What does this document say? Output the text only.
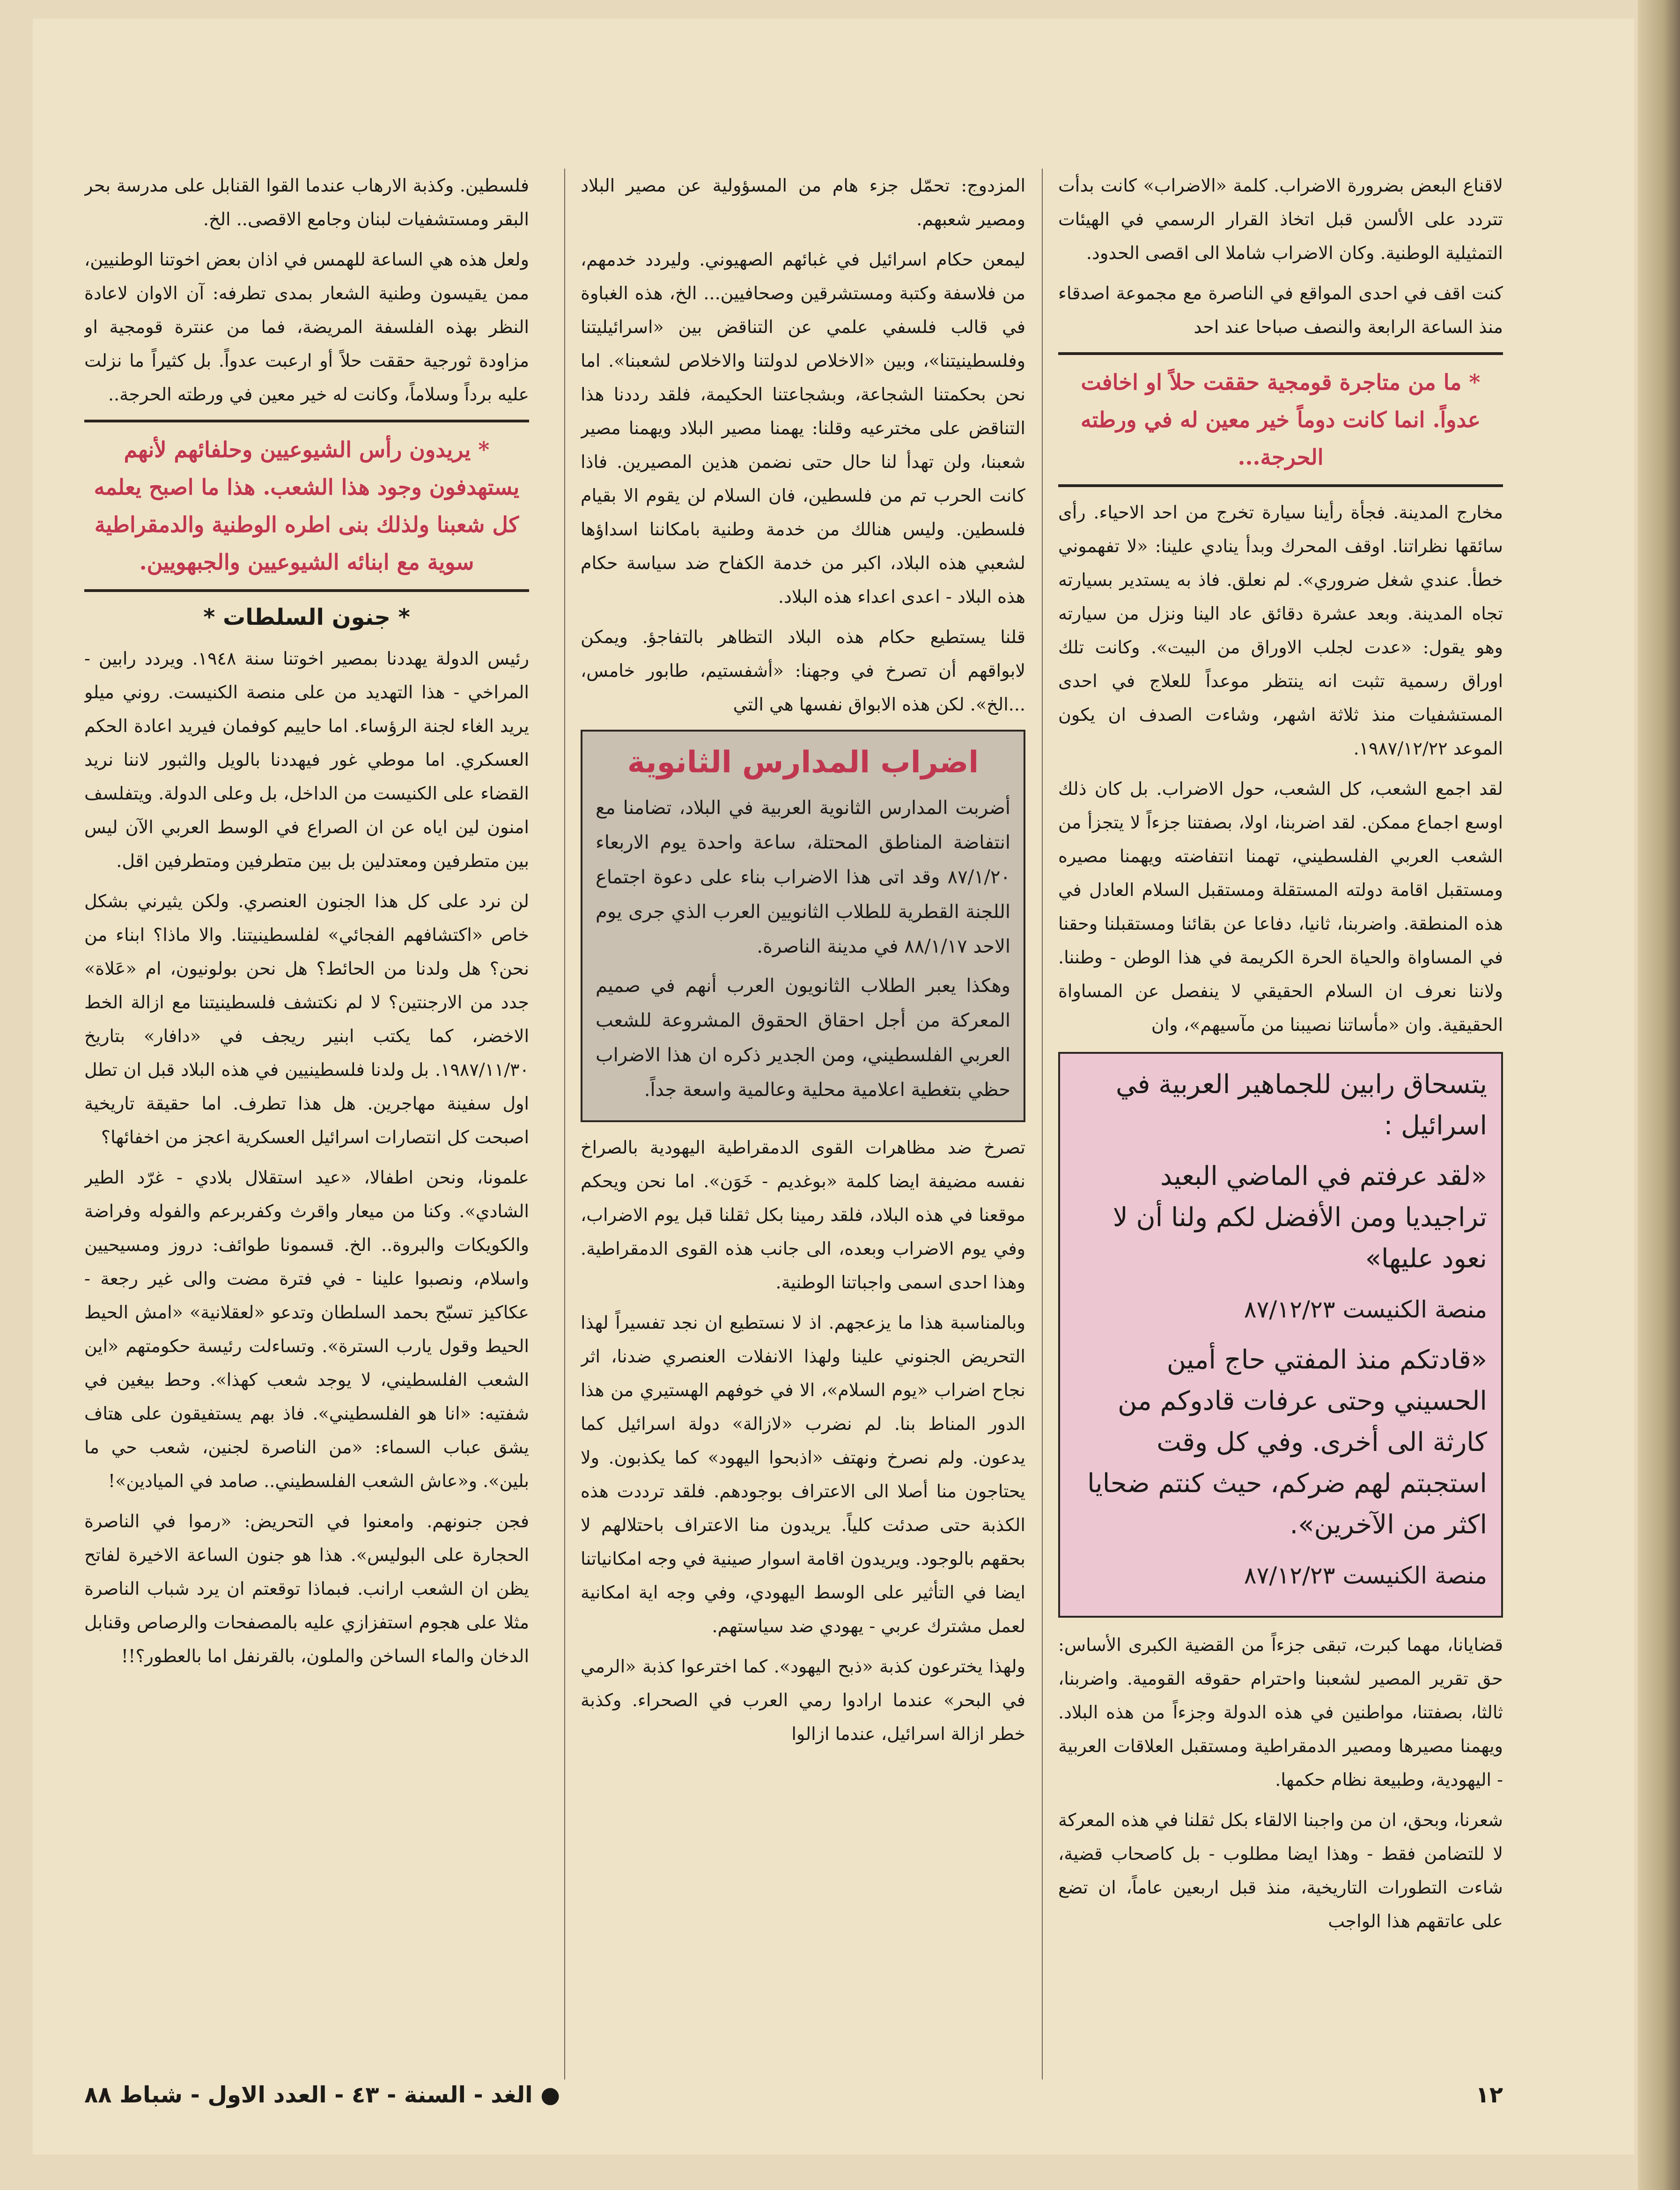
لاقناع البعض بضرورة الاضراب. كلمة «الاضراب» كانت بدأت تتردد على الألسن قبل اتخاذ القرار الرسمي في الهيئات التمثيلية الوطنية. وكان الاضراب شاملا الى اقصى الحدود.

كنت اقف في احدى المواقع في الناصرة مع مجموعة اصدقاء منذ الساعة الرابعة والنصف صباحا عند احد

* ما من متاجرة قومجية حققت حلاً او اخافت عدواً. انما كانت دوماً خير معين له في ورطته الحرجة...

مخارج المدينة. فجأة رأينا سيارة تخرج من احد الاحياء. رأى سائقها نظراتنا. اوقف المحرك وبدأ ينادي علينا: «لا تفهموني خطأ. عندي شغل ضروري». لم نعلق. فاذ به يستدير بسيارته تجاه المدينة. وبعد عشرة دقائق عاد الينا ونزل من سيارته وهو يقول: «عدت لجلب الاوراق من البيت». وكانت تلك اوراق رسمية تثبت انه ينتظر موعداً للعلاج في احدى المستشفيات منذ ثلاثة اشهر، وشاءت الصدف ان يكون الموعد ١٩٨٧/١٢/٢٢.

لقد اجمع الشعب، كل الشعب، حول الاضراب. بل كان ذلك اوسع اجماع ممكن. لقد اضربنا، اولا، بصفتنا جزءاً لا يتجزأ من الشعب العربي الفلسطيني، تهمنا انتفاضته ويهمنا مصيره ومستقبل اقامة دولته المستقلة ومستقبل السلام العادل في هذه المنطقة. واضربنا، ثانيا، دفاعا عن بقائنا ومستقبلنا وحقنا في المساواة والحياة الحرة الكريمة في هذا الوطن - وطننا. ولاننا نعرف ان السلام الحقيقي لا ينفصل عن المساواة الحقيقية. وان «مأساتنا نصيبنا من مآسيهم»، وان

يتسحاق رابين للجماهير العربية في اسرائيل :

«لقد عرفتم في الماضي البعيد تراجيديا ومن الأفضل لكم ولنا أن لا نعود عليها»

منصة الكنيست ٨٧/١٢/٢٣

«قادتكم منذ المفتي حاج أمين الحسيني وحتى عرفات قادوكم من كارثة الى أخرى. وفي كل وقت استجبتم لهم ضركم، حيث كنتم ضحايا اكثر من الآخرين».

منصة الكنيست ٨٧/١٢/٢٣

قضايانا، مهما كبرت، تبقى جزءاً من القضية الكبرى الأساس: حق تقرير المصير لشعبنا واحترام حقوقه القومية. واضربنا، ثالثا، بصفتنا، مواطنين في هذه الدولة وجزءاً من هذه البلاد. ويهمنا مصيرها ومصير الدمقراطية ومستقبل العلاقات العربية - اليهودية، وطبيعة نظام حكمها.

شعرنا، وبحق، ان من واجبنا الالقاء بكل ثقلنا في هذه المعركة لا للتضامن فقط - وهذا ايضا مطلوب - بل كاصحاب قضية، شاءت التطورات التاريخية، منذ قبل اربعين عاماً، ان تضع على عاتقهم هذا الواجب

المزدوج: تحمّل جزء هام من المسؤولية عن مصير البلاد ومصير شعبهم.

ليمعن حكام اسرائيل في غبائهم الصهيوني. وليردد خدمهم، من فلاسفة وكتبة ومستشرقين وصحافيين... الخ، هذه الغباوة في قالب فلسفي علمي عن التناقض بين «اسرائيليتنا وفلسطينيتنا»، وبين «الاخلاص لدولتنا والاخلاص لشعبنا». اما نحن بحكمتنا الشجاعة، وبشجاعتنا الحكيمة، فلقد رددنا هذا التناقض على مخترعيه وقلنا: يهمنا مصير البلاد ويهمنا مصير شعبنا، ولن تهدأ لنا حال حتى نضمن هذين المصيرين. فاذا كانت الحرب تم من فلسطين، فان السلام لن يقوم الا بقيام فلسطين. وليس هنالك من خدمة وطنية بامكاننا اسداؤها لشعبي هذه البلاد، اكبر من خدمة الكفاح ضد سياسة حكام هذه البلاد - اعدى اعداء هذه البلاد.

قلنا يستطيع حكام هذه البلاد التظاهر بالتفاجؤ. ويمكن لابواقهم أن تصرخ في وجهنا: «أشفستيم، طابور خامس، ...الخ». لكن هذه الابواق نفسها هي التي

اضراب المدارس الثانوية

أضربت المدارس الثانوية العربية في البلاد، تضامنا مع انتفاضة المناطق المحتلة، ساعة واحدة يوم الاربعاء ٨٧/١/٢٠ وقد اتى هذا الاضراب بناء على دعوة اجتماع اللجنة القطرية للطلاب الثانويين العرب الذي جرى يوم الاحد ٨٨/١/١٧ في مدينة الناصرة.

وهكذا يعبر الطلاب الثانويون العرب أنهم في صميم المعركة من أجل احقاق الحقوق المشروعة للشعب العربي الفلسطيني، ومن الجدير ذكره ان هذا الاضراب حظي بتغطية اعلامية محلية وعالمية واسعة جداً.

تصرخ ضد مظاهرات القوى الدمقراطية اليهودية بالصراخ نفسه مضيفة ايضا كلمة «بوغديم - خَوَن». اما نحن ويحكم موقعنا في هذه البلاد، فلقد رمينا بكل ثقلنا قبل يوم الاضراب، وفي يوم الاضراب وبعده، الى جانب هذه القوى الدمقراطية. وهذا احدى اسمى واجباتنا الوطنية.

وبالمناسبة هذا ما يزعجهم. اذ لا نستطيع ان نجد تفسيراً لهذا التحريض الجنوني علينا ولهذا الانفلات العنصري ضدنا، اثر نجاح اضراب «يوم السلام»، الا في خوفهم الهستيري من هذا الدور المناط بنا. لم نضرب «لازالة» دولة اسرائيل كما يدعون. ولم نصرخ ونهتف «اذبحوا اليهود» كما يكذبون. ولا يحتاجون منا أصلا الى الاعتراف بوجودهم. فلقد ترددت هذه الكذبة حتى صدئت كلياً. يريدون منا الاعتراف باحتلالهم لا بحقهم بالوجود. ويريدون اقامة اسوار صينية في وجه امكانياتنا ايضا في التأثير على الوسط اليهودي، وفي وجه اية امكانية لعمل مشترك عربي - يهودي ضد سياستهم.

ولهذا يخترعون كذبة «ذبح اليهود». كما اخترعوا كذبة «الرمي في البحر» عندما ارادوا رمي العرب في الصحراء. وكذبة خطر ازالة اسرائيل، عندما ازالوا

فلسطين. وكذبة الارهاب عندما القوا القنابل على مدرسة بحر البقر ومستشفيات لبنان وجامع الاقصى.. الخ.

ولعل هذه هي الساعة للهمس في اذان بعض اخوتنا الوطنيين، ممن يقيسون وطنية الشعار بمدى تطرفه: آن الاوان لاعادة النظر بهذه الفلسفة المريضة، فما من عنترة قومجية او مزاودة ثورجية حققت حلاً أو ارعبت عدواً. بل كثيراً ما نزلت عليه برداً وسلاماً، وكانت له خير معين في ورطته الحرجة..

* يريدون رأس الشيوعيين وحلفائهم لأنهم يستهدفون وجود هذا الشعب. هذا ما اصبح يعلمه كل شعبنا ولذلك بنى اطره الوطنية والدمقراطية سوية مع ابنائه الشيوعيين والجبهويين.
* جنون السلطات *

رئيس الدولة يهددنا بمصير اخوتنا سنة ١٩٤٨. ويردد رابين - المراخي - هذا التهديد من على منصة الكنيست. روني ميلو يريد الغاء لجنة الرؤساء. اما حاييم كوفمان فيريد اعادة الحكم العسكري. اما موطي غور فيهددنا بالويل والثبور لاننا نريد القضاء على الكنيست من الداخل، بل وعلى الدولة. ويتفلسف امنون لين اياه عن ان الصراع في الوسط العربي الآن ليس بين متطرفين ومعتدلين بل بين متطرفين ومتطرفين اقل.

لن نرد على كل هذا الجنون العنصري. ولكن يثيرني بشكل خاص «اكتشافهم الفجائي» لفلسطينيتنا. والا ماذا؟ ابناء من نحن؟ هل ولدنا من الحائط؟ هل نحن بولونيون، ام «عَلاة» جدد من الارجنتين؟ لا لم نكتشف فلسطينيتنا مع ازالة الخط الاخضر، كما يكتب ابنير ريجف في «دافار» بتاريخ ١٩٨٧/١١/٣٠. بل ولدنا فلسطينيين في هذه البلاد قبل ان تطل اول سفينة مهاجرين. هل هذا تطرف. اما حقيقة تاريخية اصبحت كل انتصارات اسرائيل العسكرية اعجز من اخفائها؟

علمونا، ونحن اطفالا، «عيد استقلال بلادي - غرّد الطير الشادي». وكنا من ميعار واقرث وكفربرعم والفوله وفراضة والكويكات والبروة.. الخ. قسمونا طوائف: دروز ومسيحيين واسلام، ونصبوا علينا - في فترة مضت والى غير رجعة - عكاكيز تسبّح بحمد السلطان وتدعو «لعقلانية» «امش الحيط الحيط وقول يارب السترة». وتساءلت رئيسة حكومتهم «اين الشعب الفلسطيني، لا يوجد شعب كهذا». وحط بيغين في شفتيه: «انا هو الفلسطيني». فاذ بهم يستفيقون على هتاف يشق عباب السماء: «من الناصرة لجنين، شعب حي ما بلين». و«عاش الشعب الفلسطيني.. صامد في الميادين»!

فجن جنونهم. وامعنوا في التحريض: «رموا في الناصرة الحجارة على البوليس». هذا هو جنون الساعة الاخيرة لفاتح يظن ان الشعب ارانب. فبماذا توقعتم ان يرد شباب الناصرة مثلا على هجوم استفزازي عليه بالمصفحات والرصاص وقنابل الدخان والماء الساخن والملون، بالقرنفل اما بالعطور؟!!

١٢
● الغد - السنة - ٤٣ - العدد الاول - شباط ٨٨
